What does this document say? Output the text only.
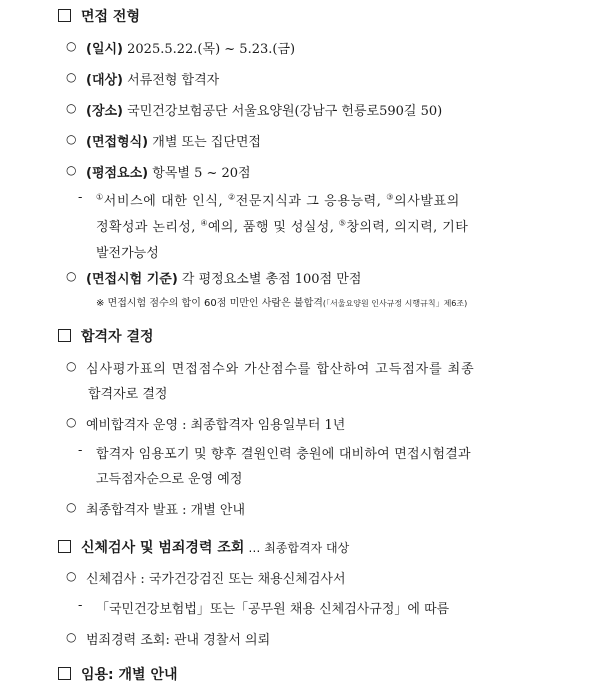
면접 전형
○ (일시) 2025.5.22.(목) ~ 5.23.(금)
○ (대상) 서류전형 합격자
○ (장소) 국민건강보험공단 서울요양원(강남구 헌릉로590길 50)
○ (면접형식) 개별 또는 집단면접
○ (평점요소) 항목별 5 ~ 20점
- ①서비스에 대한 인식, ②전문지식과 그 응용능력, ③의사발표의
정확성과 논리성, ④예의, 품행 및 성실성, ⑤창의력, 의지력, 기타
발전가능성
○ (면접시험 기준) 각 평정요소별 총점 100점 만점
※ 면접시험 점수의 합이 60점 미만인 사람은 불합격(「서울요양원 인사규정 시행규칙」제6조)
합격자 결정
○ 심사평가표의 면접점수와 가산점수를 합산하여 고득점자를 최종
합격자로 결정
○ 예비합격자 운영 : 최종합격자 임용일부터 1년
- 합격자 임용포기 및 향후 결원인력 충원에 대비하여 면접시험결과
고득점자순으로 운영 예정
○ 최종합격자 발표 : 개별 안내
신체검사 및 범죄경력 조회 … 최종합격자 대상
○ 신체검사 : 국가건강검진 또는 채용신체검사서
- 「국민건강보험법」또는「공무원 채용 신체검사규정」에 따름
○ 범죄경력 조회: 관내 경찰서 의뢰
임용: 개별 안내
